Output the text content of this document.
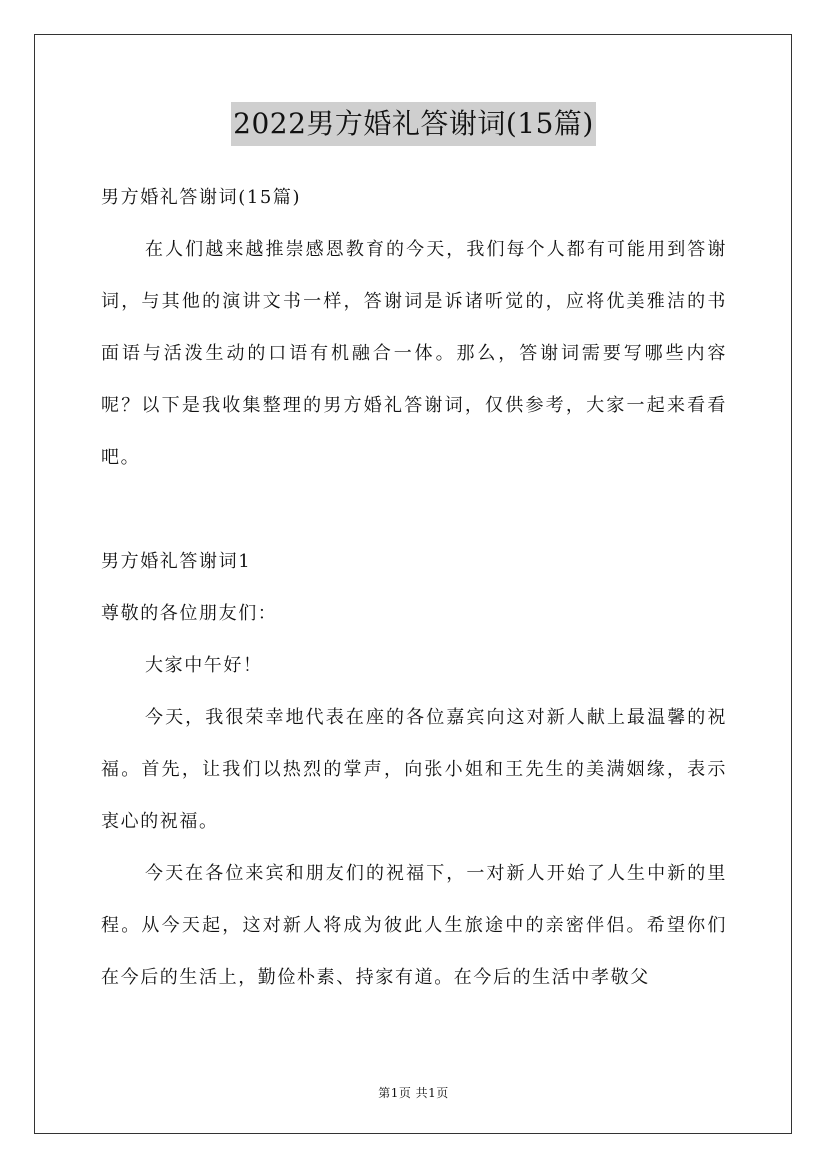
2022男方婚礼答谢词(15篇)

男方婚礼答谢词(15篇)

在人们越来越推崇感恩教育的今天，我们每个人都有可能用到答谢词，与其他的演讲文书一样，答谢词是诉诸听觉的，应将优美雅洁的书面语与活泼生动的口语有机融合一体。那么，答谢词需要写哪些内容呢？以下是我收集整理的男方婚礼答谢词，仅供参考，大家一起来看看吧。

男方婚礼答谢词1

尊敬的各位朋友们：

大家中午好！

今天，我很荣幸地代表在座的各位嘉宾向这对新人献上最温馨的祝福。首先，让我们以热烈的掌声，向张小姐和王先生的美满姻缘，表示衷心的祝福。

今天在各位来宾和朋友们的祝福下，一对新人开始了人生中新的里程。从今天起，这对新人将成为彼此人生旅途中的亲密伴侣。希望你们在今后的生活上，勤俭朴素、持家有道。在今后的生活中孝敬父

第1页 共1页
